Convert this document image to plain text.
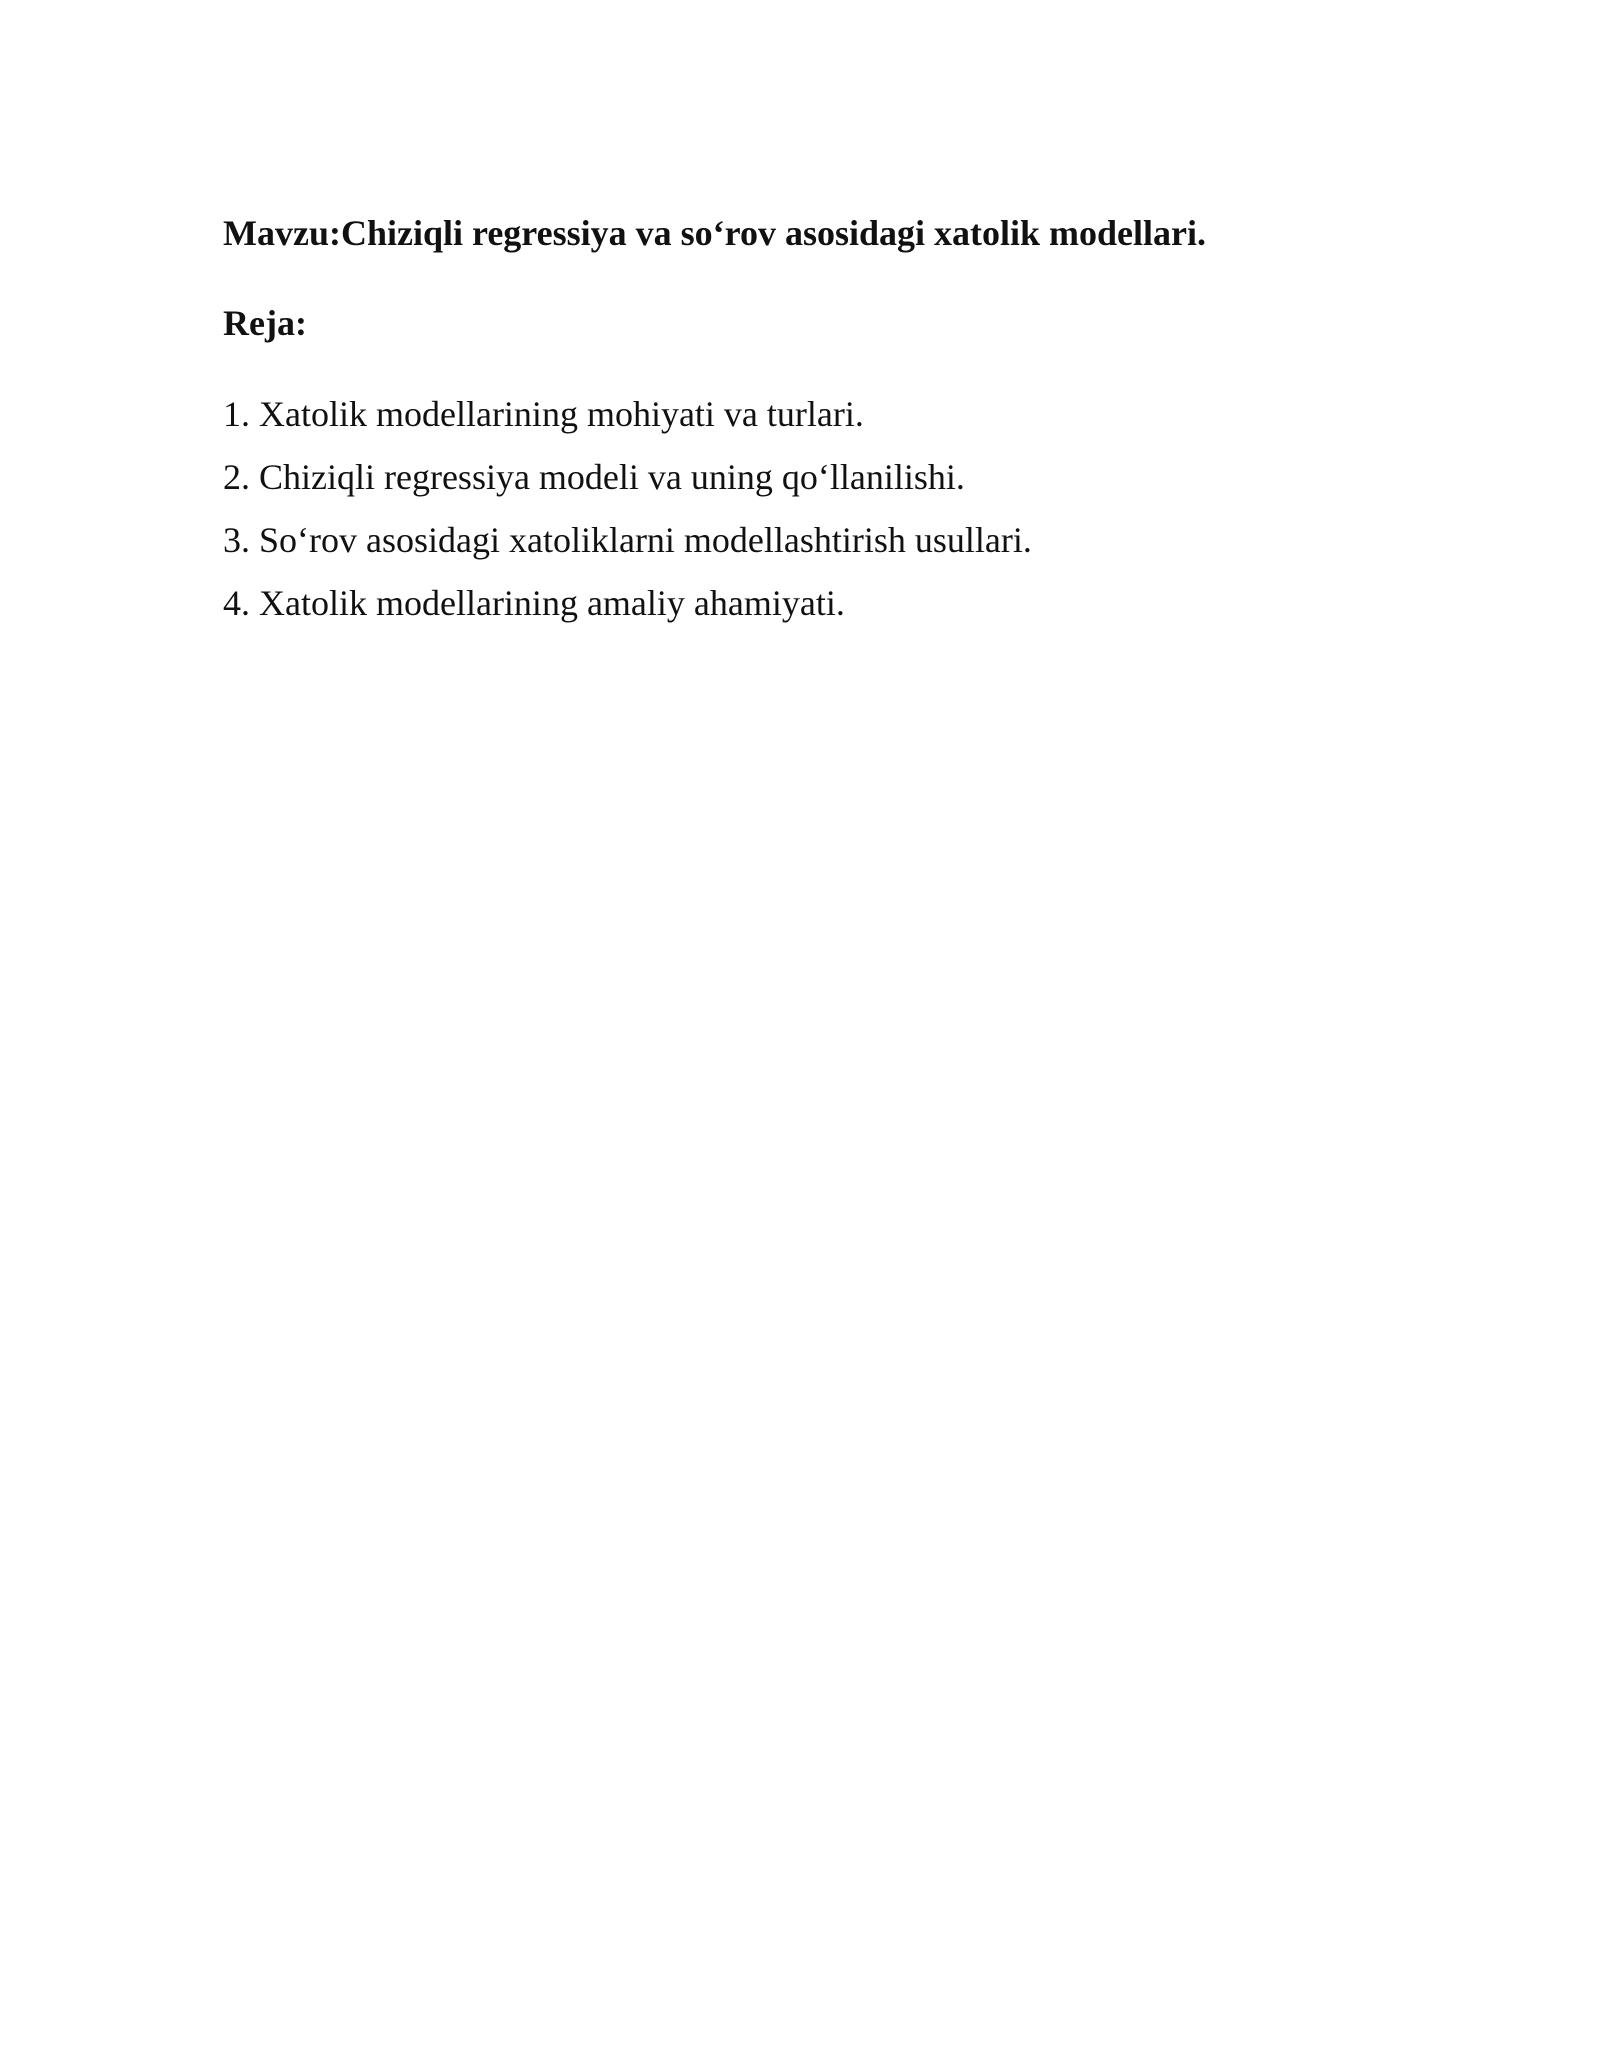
Mavzu:Chiziqli regressiya va so‘rov asosidagi xatolik modellari.

Reja:

1. Xatolik modellarining mohiyati va turlari.
2. Chiziqli regressiya modeli va uning qo‘llanilishi.
3. So‘rov asosidagi xatoliklarni modellashtirish usullari.
4. Xatolik modellarining amaliy ahamiyati.
